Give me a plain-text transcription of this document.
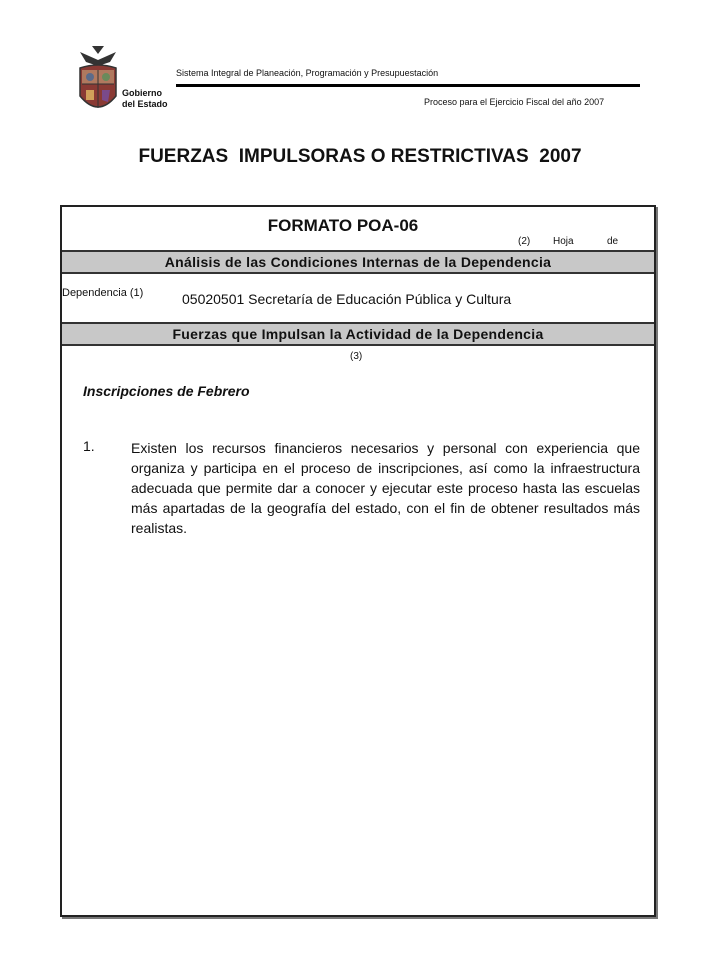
Gobierno
del Estado
Sistema Integral de Planeación, Programación y Presupuestación
Proceso para el Ejercicio Fiscal del año 2007
FUERZAS  IMPULSORAS O RESTRICTIVAS  2007
FORMATO POA-06
(2) Hoja	de
Análisis de las Condiciones Internas de la Dependencia
Dependencia (1)	05020501 Secretaría de Educación Pública y Cultura
Fuerzas que Impulsan la Actividad de la Dependencia
(3)
Inscripciones de Febrero
1.	Existen los recursos financieros necesarios y personal con experiencia que organiza y participa en el proceso de inscripciones, así como la infraestructura adecuada que permite dar a conocer y ejecutar este proceso hasta las escuelas más apartadas de la geografía del estado, con el fin de obtener resultados más realistas.
